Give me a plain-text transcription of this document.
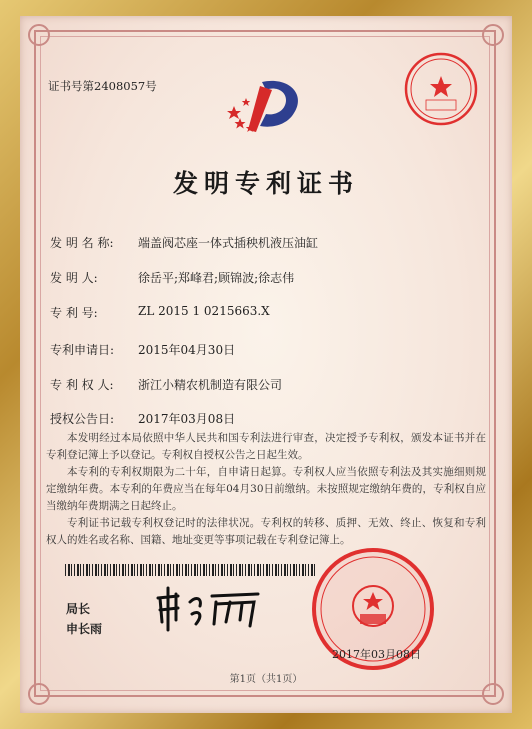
证书号第2408057号
发明专利证书
发 明 名 称: 端盖阀芯座一体式插秧机液压油缸
发 明 人:	徐岳平;郑峰君;顾锦波;徐志伟
专 利 号:	ZL 2015 1 0215663.X
专利申请日: 2015年04月30日
专 利 权 人: 浙江小精农机制造有限公司
授权公告日: 2017年03月08日
本发明经过本局依照中华人民共和国专利法进行审查，决定授予专利权，颁发本证书并在专利登记簿上予以登记。专利权自授权公告之日起生效。
本专利的专利权期限为二十年，自申请日起算。专利权人应当依照专利法及其实施细则规定缴纳年费。本专利的年费应当在每年04月30日前缴纳。未按照规定缴纳年费的，专利权自应当缴纳年费期满之日起终止。
专利证书记载专利权登记时的法律状况。专利权的转移、质押、无效、终止、恢复和专利权人的姓名或名称、国籍、地址变更等事项记载在专利登记簿上。
局长
申长雨
2017年03月08日
第1页（共1页）
